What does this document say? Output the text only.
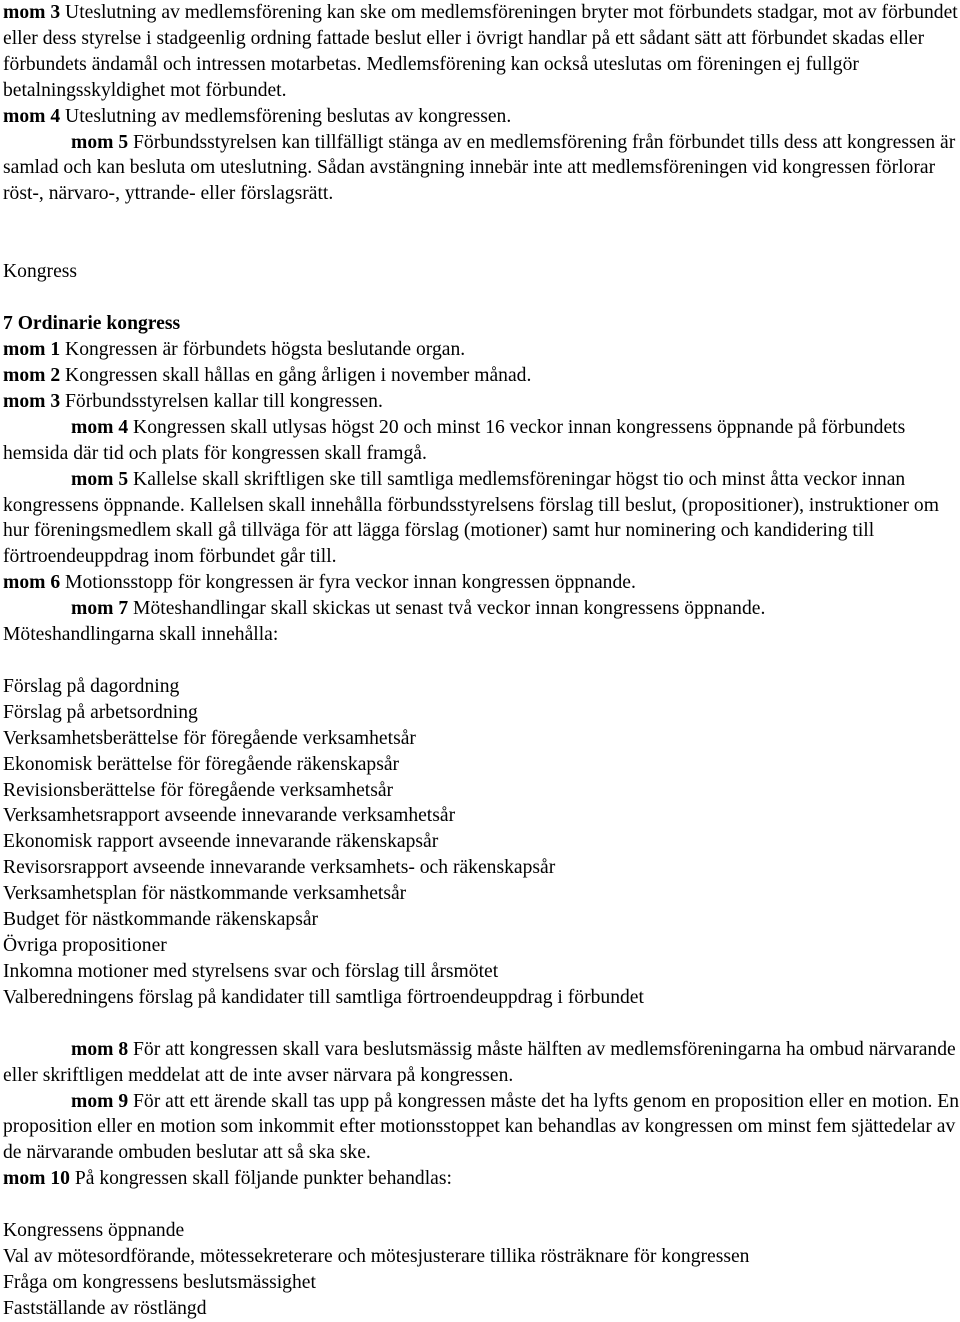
mom 3 Uteslutning av medlemsförening kan ske om medlemsföreningen bryter mot förbundets stadgar, mot av förbundet eller dess styrelse i stadgeenlig ordning fattade beslut eller i övrigt handlar på ett sådant sätt att förbundet skadas eller förbundets ändamål och intressen motarbetas. Medlemsförening kan också uteslutas om föreningen ej fullgör betalningsskyldighet mot förbundet.

mom 4 Uteslutning av medlemsförening beslutas av kongressen.

mom 5 Förbundsstyrelsen kan tillfälligt stänga av en medlemsförening från förbundet tills dess att kongressen är samlad och kan besluta om uteslutning. Sådan avstängning innebär inte att medlemsföreningen vid kongressen förlorar röst-, närvaro-, yttrande- eller förslagsrätt.

Kongress

7 Ordinarie kongress

mom 1 Kongressen är förbundets högsta beslutande organ.

mom 2 Kongressen skall hållas en gång årligen i november månad.

mom 3 Förbundsstyrelsen kallar till kongressen.

mom 4 Kongressen skall utlysas högst 20 och minst 16 veckor innan kongressens öppnande på förbundets hemsida där tid och plats för kongressen skall framgå.

mom 5 Kallelse skall skriftligen ske till samtliga medlemsföreningar högst tio och minst åtta veckor innan kongressens öppnande. Kallelsen skall innehålla förbundsstyrelsens förslag till beslut, (propositioner), instruktioner om hur föreningsmedlem skall gå tillväga för att lägga förslag (motioner) samt hur nominering och kandidering till förtroendeuppdrag inom förbundet går till.

mom 6 Motionsstopp för kongressen är fyra veckor innan kongressen öppnande.

mom 7 Möteshandlingar skall skickas ut senast två veckor innan kongressens öppnande.

Möteshandlingarna skall innehålla:

Förslag på dagordning
Förslag på arbetsordning
Verksamhetsberättelse för föregående verksamhetsår
Ekonomisk berättelse för föregående räkenskapsår
Revisionsberättelse för föregående verksamhetsår
Verksamhetsrapport avseende innevarande verksamhetsår
Ekonomisk rapport avseende innevarande räkenskapsår
Revisorsrapport avseende innevarande verksamhets- och räkenskapsår
Verksamhetsplan för nästkommande verksamhetsår
Budget för nästkommande räkenskapsår
Övriga propositioner
Inkomna motioner med styrelsens svar och förslag till årsmötet
Valberedningens förslag på kandidater till samtliga förtroendeuppdrag i förbundet

mom 8 För att kongressen skall vara beslutsmässig måste hälften av medlemsföreningarna ha ombud närvarande eller skriftligen meddelat att de inte avser närvara på kongressen.

mom 9 För att ett ärende skall tas upp på kongressen måste det ha lyfts genom en proposition eller en motion. En proposition eller en motion som inkommit efter motionsstoppet kan behandlas av kongressen om minst fem sjättedelar av de närvarande ombuden beslutar att så ska ske.

mom 10 På kongressen skall följande punkter behandlas:

Kongressens öppnande
Val av mötesordförande, mötessekreterare och mötesjusterare tillika rösträknare för kongressen
Fråga om kongressens beslutsmässighet
Fastställande av röstlängd
